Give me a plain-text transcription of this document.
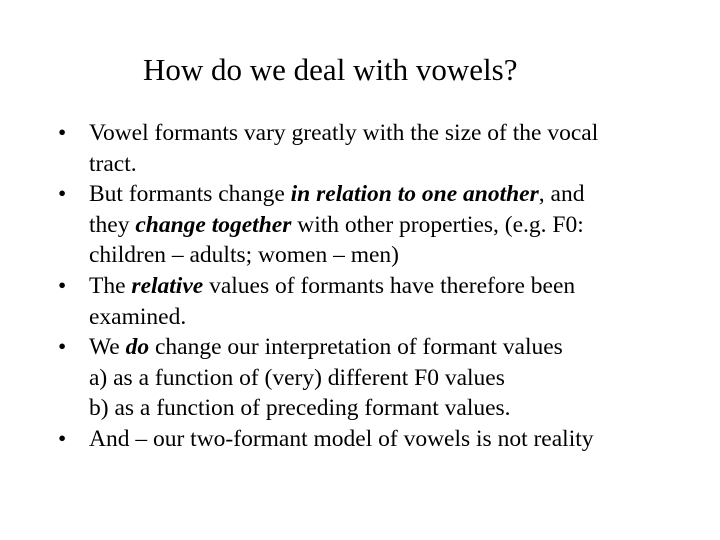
How do we deal with vowels?
• Vowel formants vary greatly with the size of the vocal
tract.
• But formants change in relation to one another, and
they change together with other properties, (e.g. F0:
children – adults; women – men)
• The relative values of formants have therefore been
examined.
• We do change our interpretation of formant values
a) as a function of (very) different F0 values
b) as a function of preceding formant values.
• And – our two-formant model of vowels is not reality
